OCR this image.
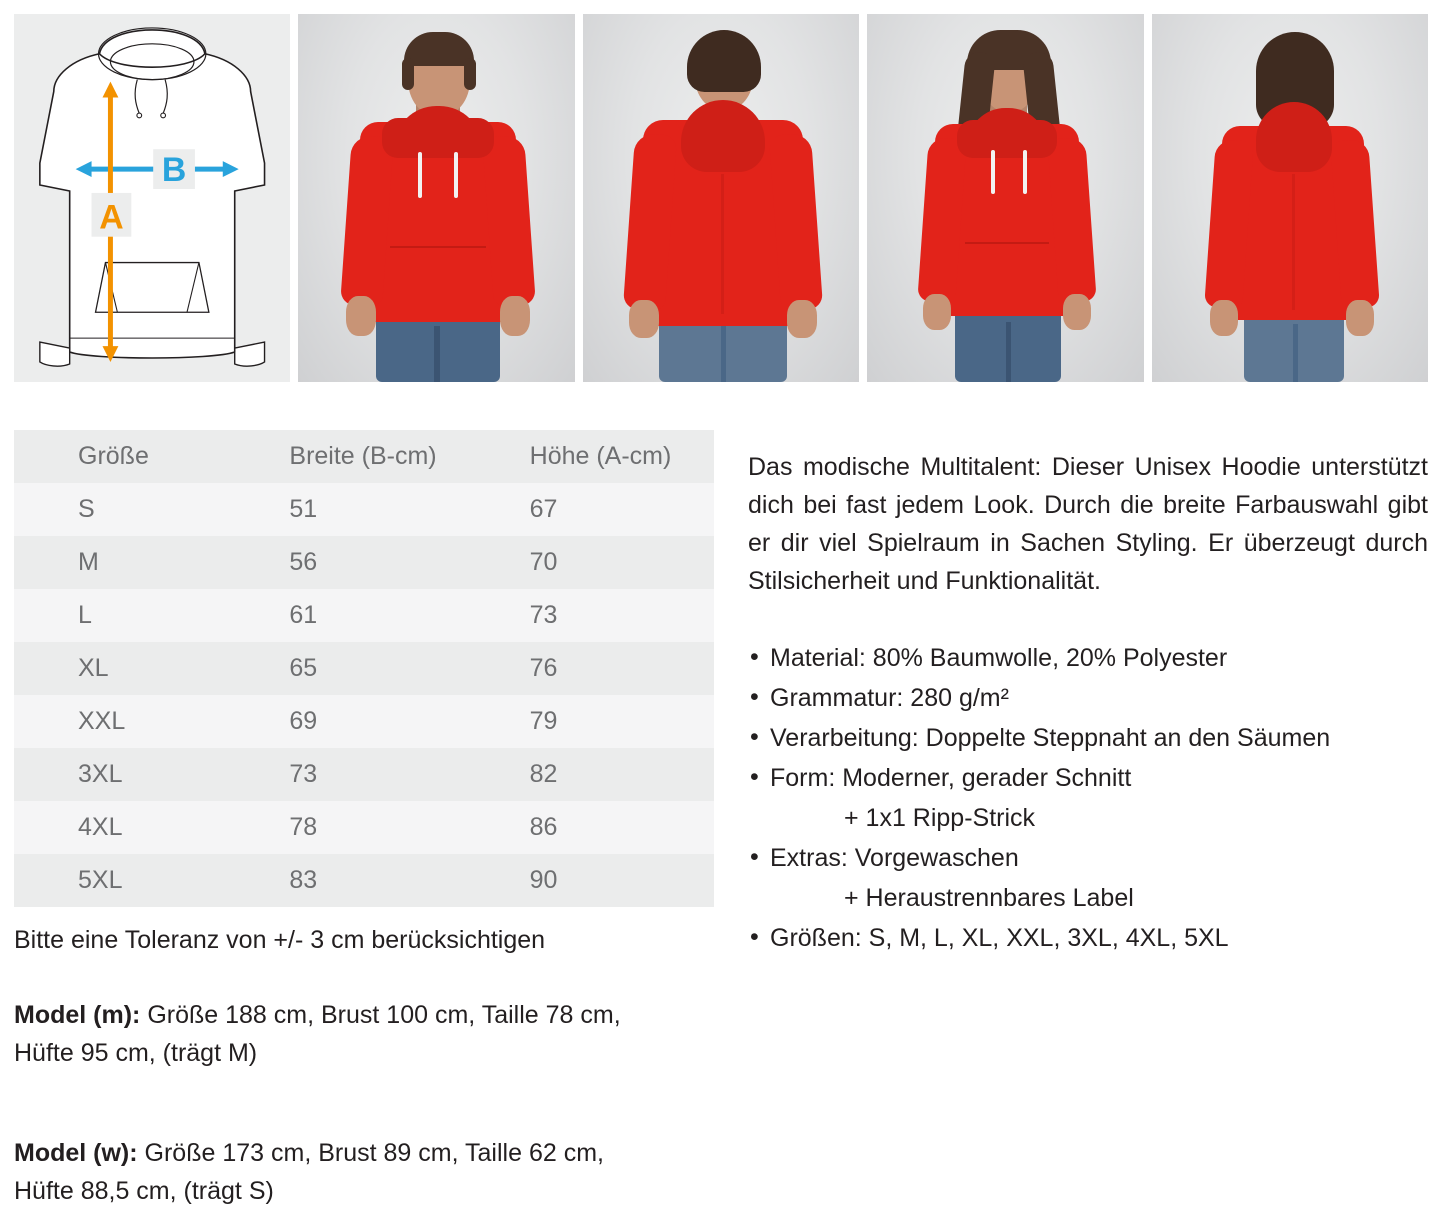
B
A
Größe	Breite (B-cm)	Höhe (A-cm)
S	51	67
M	56	70
L	61	73
XL	65	76
XXL	69	79
3XL	73	82
4XL	78	86
5XL	83	90
Bitte eine Toleranz von +/- 3 cm berücksichtigen
Model (m): Größe 188 cm, Brust 100 cm, Taille 78 cm,
Hüfte 95 cm, (trägt M)
Model (w): Größe 173 cm, Brust 89 cm, Taille 62 cm,
Hüfte 88,5 cm, (trägt S)
Das modische Multitalent: Dieser Unisex Hoodie unterstützt dich bei fast jedem Look. Durch die breite Farbauswahl gibt er dir viel Spielraum in Sachen Styling. Er überzeugt durch Stilsicherheit und Funktionalität.
• Material: 80% Baumwolle, 20% Polyester
• Grammatur: 280 g/m²
• Verarbeitung: Doppelte Steppnaht an den Säumen
• Form: Moderner, gerader Schnitt
+ 1x1 Ripp-Strick
• Extras: Vorgewaschen
+ Heraustrennbares Label
• Größen: S, M, L, XL, XXL, 3XL, 4XL, 5XL
